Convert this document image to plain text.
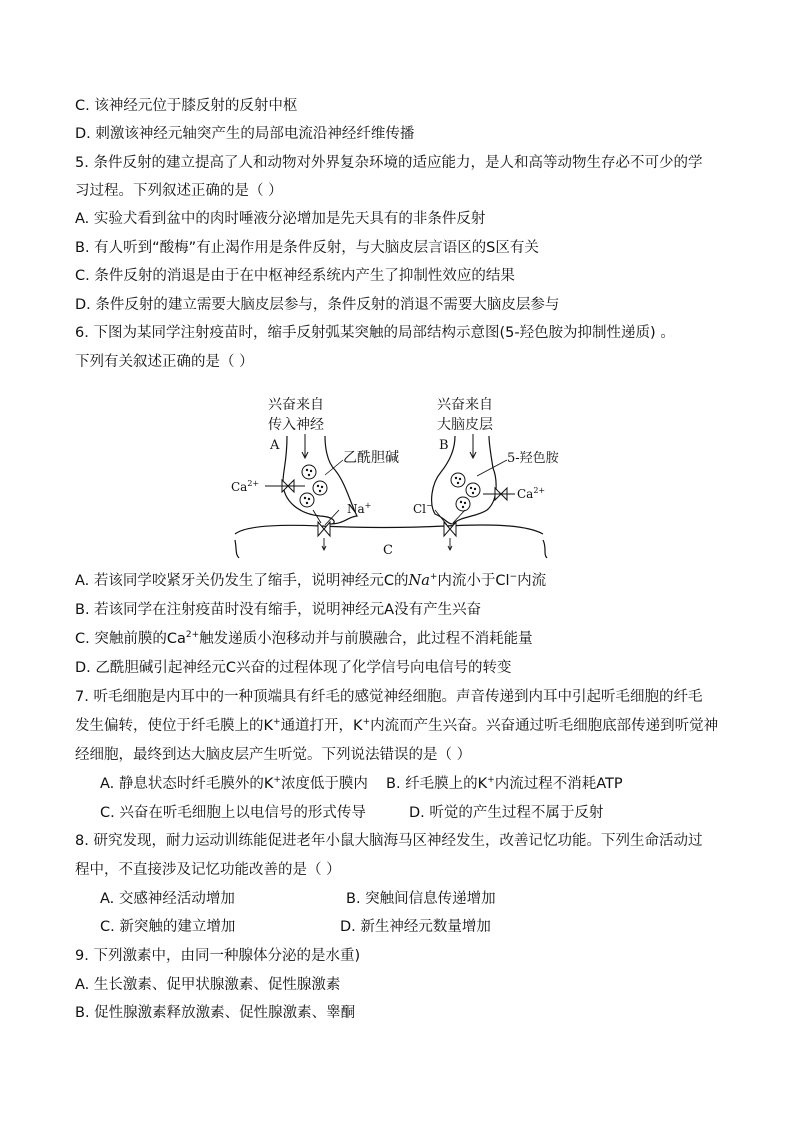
C. 该神经元位于膝反射的反射中枢
D. 刺激该神经元轴突产生的局部电流沿神经纤维传播
5. 条件反射的建立提高了人和动物对外界复杂环境的适应能力，是人和高等动物生存必不可少的学
习过程。下列叙述正确的是（ ）
A. 实验犬看到盆中的肉时唾液分泌增加是先天具有的非条件反射
B. 有人听到“酸梅”有止渴作用是条件反射，与大脑皮层言语区的S区有关
C. 条件反射的消退是由于在中枢神经系统内产生了抑制性效应的结果
D. 条件反射的建立需要大脑皮层参与，条件反射的消退不需要大脑皮层参与
6. 下图为某同学注射疫苗时，缩手反射弧某突触的局部结构示意图(5-羟色胺为抑制性递质) 。
下列有关叙述正确的是（ ）
兴奋来自
传入神经
A
兴奋来自
大脑皮层
B
乙酰胆碱	5-羟色胺
$Ca^{2+}$
$Ca^{2+}$
Na+	Cl−
C
A. 若该同学咬紧牙关仍发生了缩手，说明神经元C的Na+内流小于Cl−内流
B. 若该同学在注射疫苗时没有缩手，说明神经元A没有产生兴奋
C. 突触前膜的$Ca^{2+}$触发递质小泡移动并与前膜融合，此过程不消耗能量
D. 乙酰胆碱引起神经元C兴奋的过程体现了化学信号向电信号的转变
7. 听毛细胞是内耳中的一种顶端具有纤毛的感觉神经细胞。声音传递到内耳中引起听毛细胞的纤毛
发生偏转，使位于纤毛膜上的K+通道打开，K+内流而产生兴奋。兴奋通过听毛细胞底部传递到听觉神
经细胞，最终到达大脑皮层产生听觉。下列说法错误的是（ ）
A. 静息状态时纤毛膜外的K+浓度低于膜内 B. 纤毛膜上的K+内流过程不消耗ATP
C. 兴奋在听毛细胞上以电信号的形式传导	D. 听觉的产生过程不属于反射
8. 研究发现，耐力运动训练能促进老年小鼠大脑海马区神经发生，改善记忆功能。下列生命活动过
程中，不直接涉及记忆功能改善的是（ ）
A. 交感神经活动增加	B. 突触间信息传递增加
C. 新突触的建立增加	D. 新生神经元数量增加
9. 下列激素中，由同一种腺体分泌的是水重)
A. 生长激素、促甲状腺激素、促性腺激素
B. 促性腺激素释放激素、促性腺激素、睾酮
